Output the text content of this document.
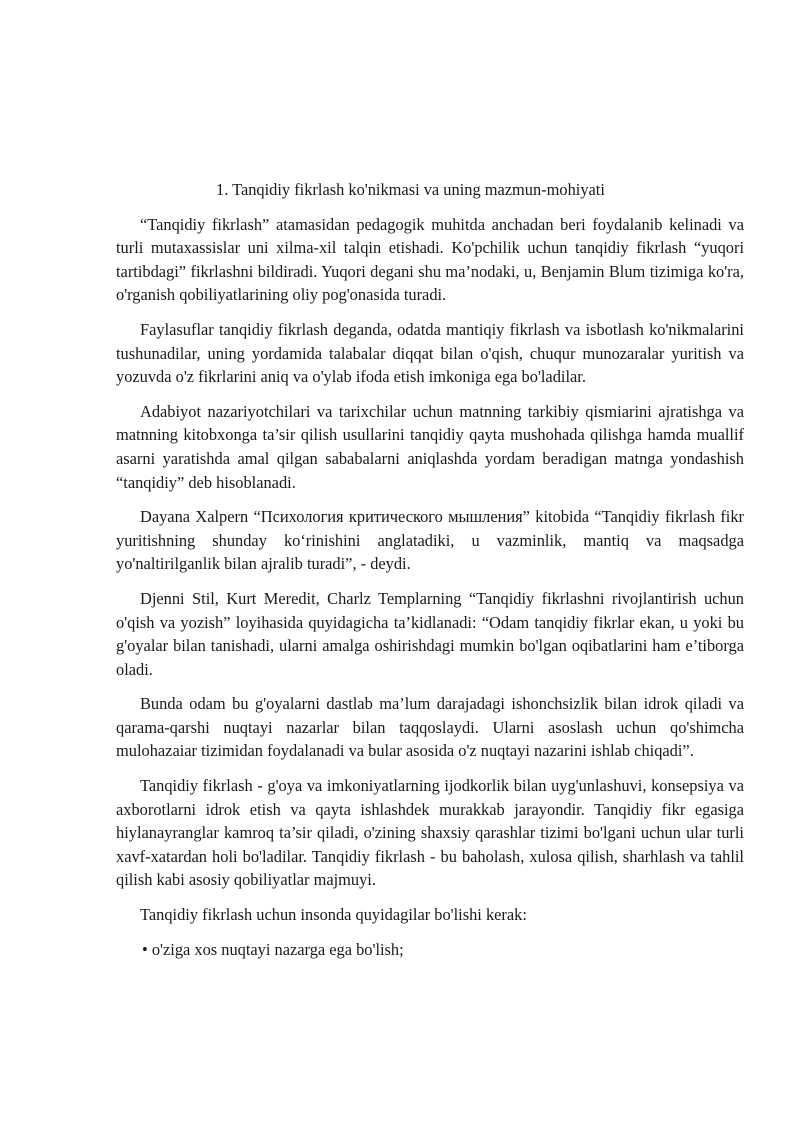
1. Tanqidiy fikrlash ko'nikmasi va uning mazmun-mohiyati

“Tanqidiy fikrlash” atamasidan pedagogik muhitda anchadan beri foydalanib kelinadi va turli mutaxassislar uni xilma-xil talqin etishadi. Ko'pchilik uchun tanqidiy fikrlash “yuqori tartibdagi” fikrlashni bildiradi. Yuqori degani shu ma’nodaki, u, Benjamin Blum tizimiga ko'ra, o'rganish qobiliyatlarining oliy pog'onasida turadi.

Faylasuflar tanqidiy fikrlash deganda, odatda mantiqiy fikrlash va isbotlash ko'nikmalarini tushunadilar, uning yordamida talabalar diqqat bilan o'qish, chuqur munozaralar yuritish va yozuvda o'z fikrlarini aniq va o'ylab ifoda etish imkoniga ega bo'ladilar.

Adabiyot nazariyotchilari va tarixchilar uchun matnning tarkibiy qismiarini ajratishga va matnning kitobxonga ta’sir qilish usullarini tanqidiy qayta mushohada qilishga hamda muallif asarni yaratishda amal qilgan sababalarni aniqlashda yordam beradigan matnga yondashish “tanqidiy” deb hisoblanadi.

Dayana Xalpern “Психология критического мышления” kitobida “Tanqidiy fikrlash fikr yuritishning shunday ko‘rinishini anglatadiki, u vazminlik, mantiq va maqsadga yo'naltirilganlik bilan ajralib turadi”, - deydi.

Djenni Stil, Kurt Meredit, Charlz Templarning “Tanqidiy fikrlashni rivojlantirish uchun o'qish va yozish” loyihasida quyidagicha ta’kidlanadi: “Odam tanqidiy fikrlar ekan, u yoki bu g'oyalar bilan tanishadi, ularni amalga oshirishdagi mumkin bo'lgan oqibatlarini ham e’tiborga oladi.

Bunda odam bu g'oyalarni dastlab ma’lum darajadagi ishonchsizlik bilan idrok qiladi va qarama-qarshi nuqtayi nazarlar bilan taqqoslaydi. Ularni asoslash uchun qo'shimcha mulohazaiar tizimidan foydalanadi va bular asosida o'z nuqtayi nazarini ishlab chiqadi”.

Tanqidiy fikrlash - g'oya va imkoniyatlarning ijodkorlik bilan uyg'unlashuvi, konsepsiya va axborotlarni idrok etish va qayta ishlashdek murakkab jarayondir. Tanqidiy fikr egasiga hiylanayranglar kamroq ta’sir qiladi, o'zining shaxsiy qarashlar tizimi bo'lgani uchun ular turli xavf-xatardan holi bo'ladilar. Tanqidiy fikrlash - bu baholash, xulosa qilish, sharhlash va tahlil qilish kabi asosiy qobiliyatlar majmuyi.

Tanqidiy fikrlash uchun insonda quyidagilar bo'lishi kerak:

• o'ziga xos nuqtayi nazarga ega bo'lish;
